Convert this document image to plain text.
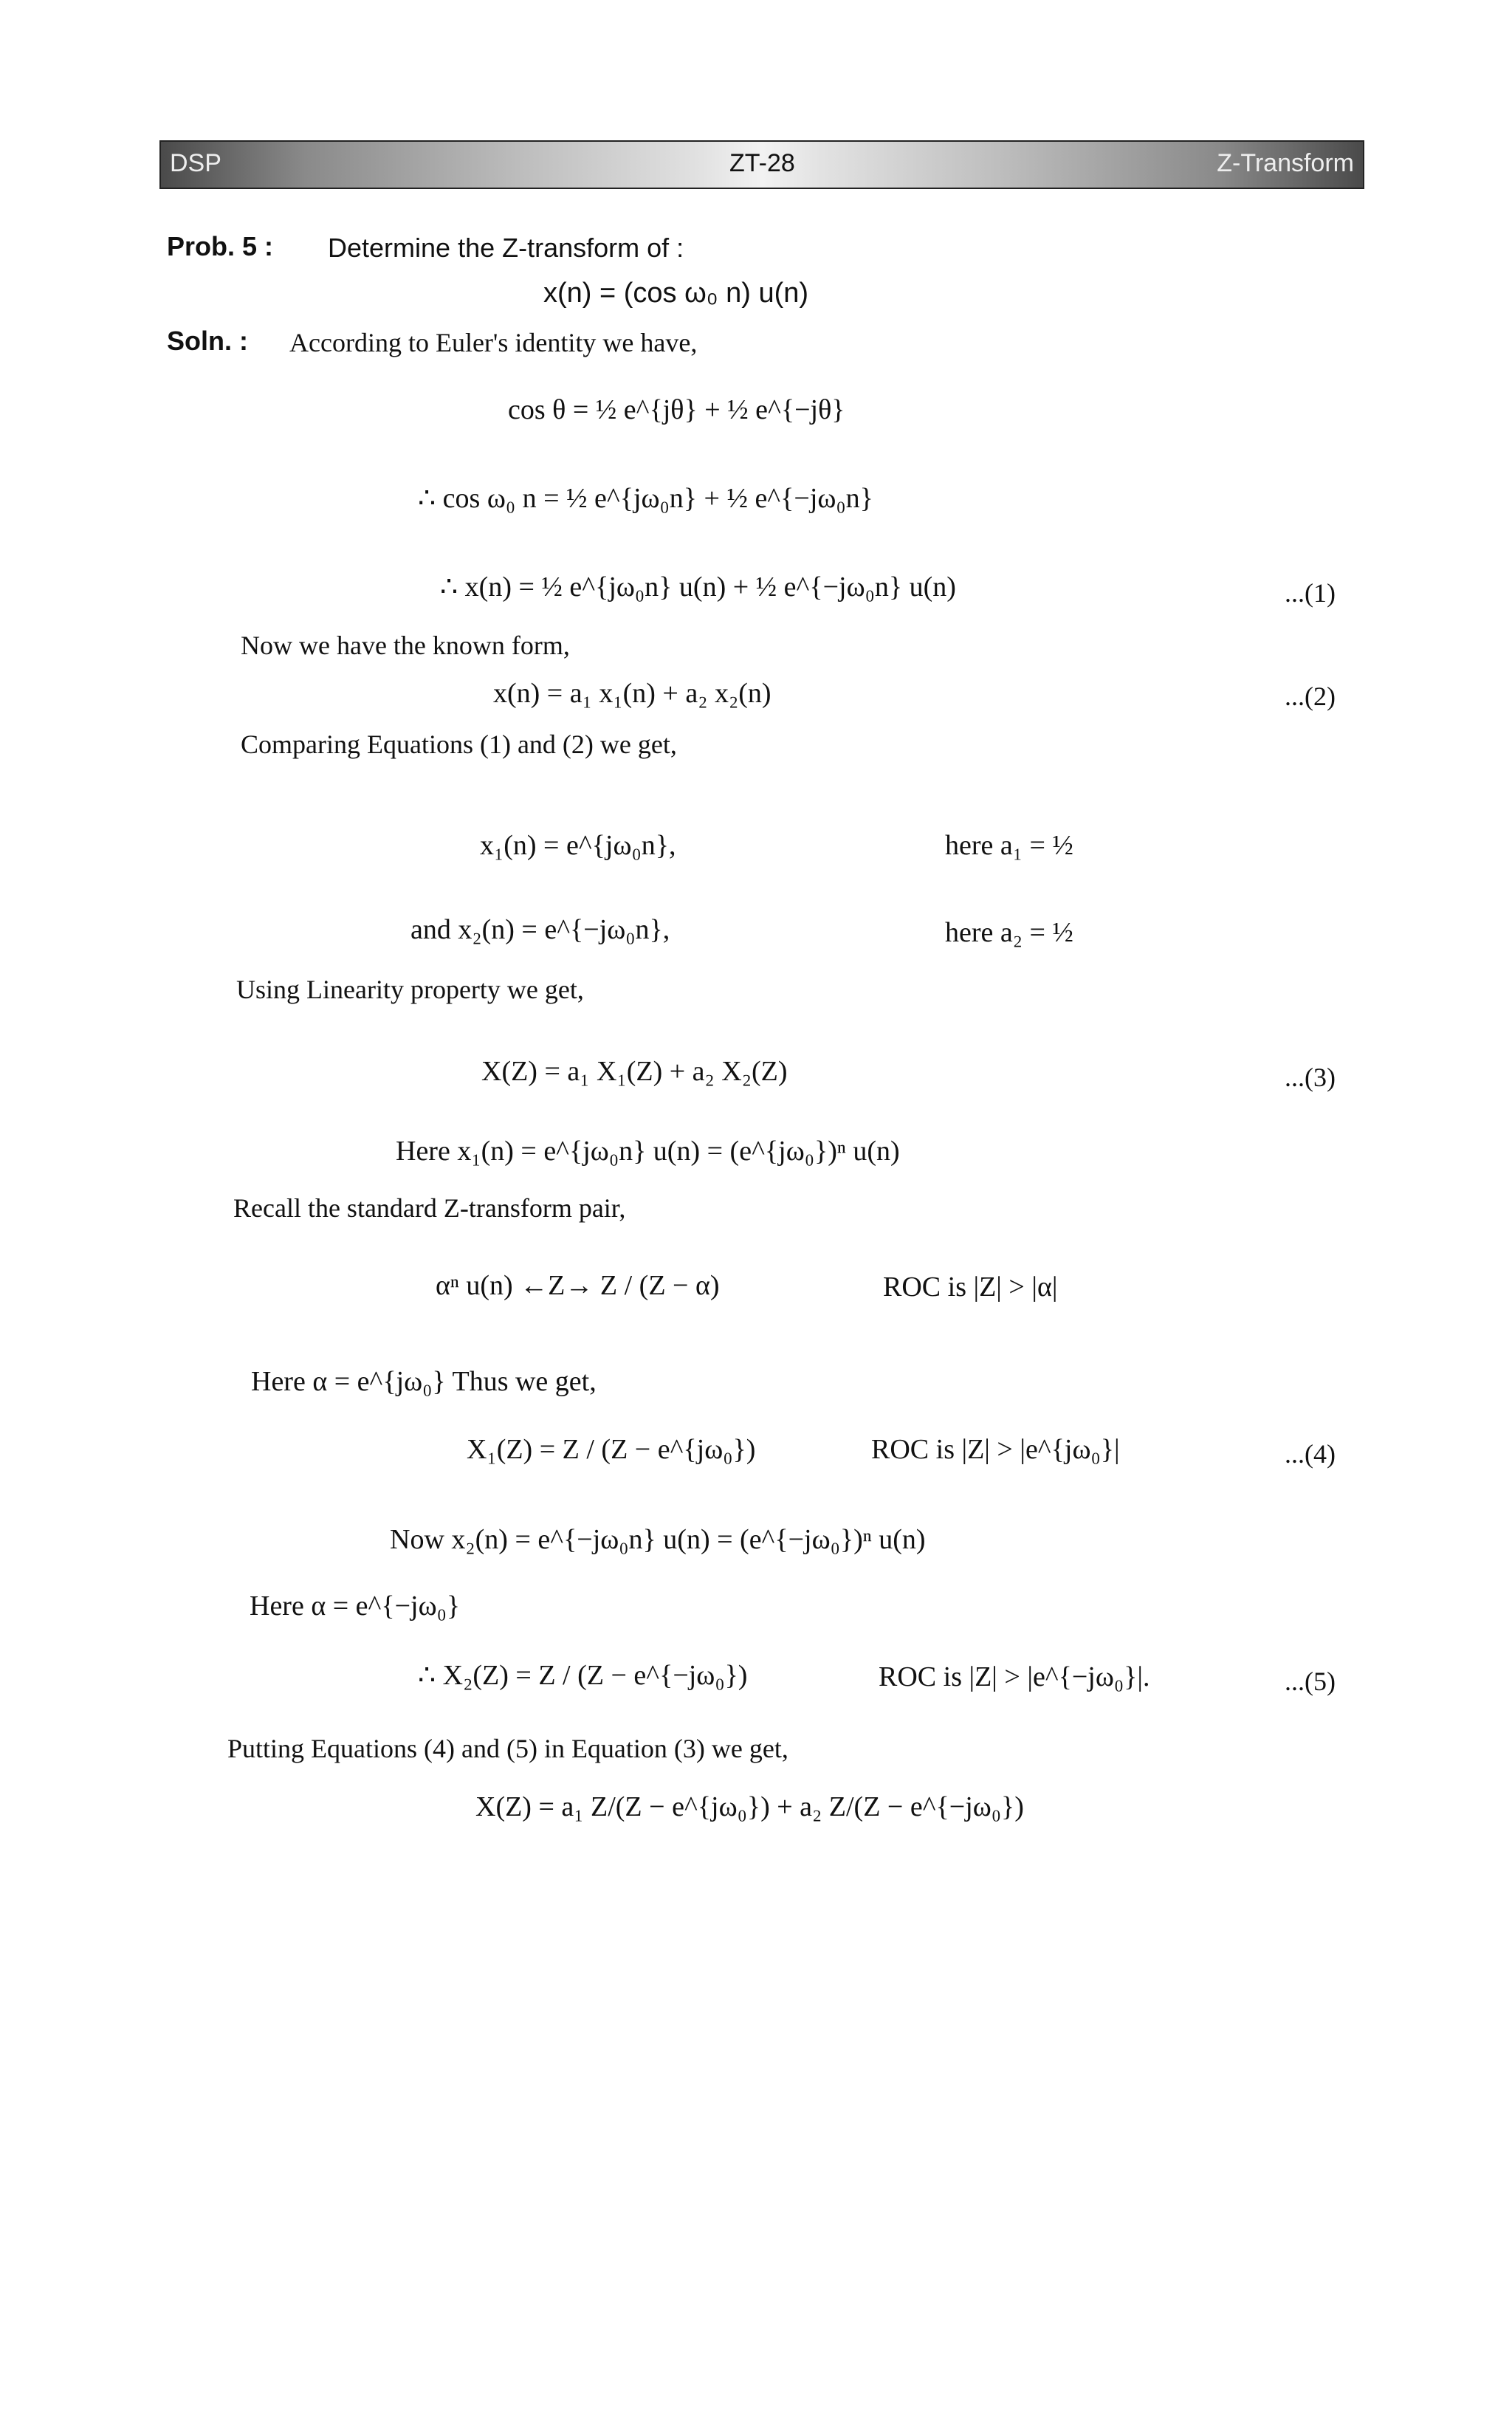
DSP	ZT-28	Z-Transform
Prob. 5 : Determine the Z-transform of :
x(n) = (cos ω₀ n) u(n)
Soln. : According to Euler's identity we have,
cos θ = ½ e^{jθ} + ½ e^{−jθ}
∴ cos ω₀ n = ½ e^{jω₀n} + ½ e^{−jω₀n}
∴ x(n) = ½ e^{jω₀n} u(n) + ½ e^{−jω₀n} u(n)	...(1)
Now we have the known form,
x(n) = a₁ x₁(n) + a₂ x₂(n)	...(2)
Comparing Equations (1) and (2) we get,
x₁(n) = e^{jω₀n},	here a₁ = ½
and x₂(n) = e^{−jω₀n},	here a₂ = ½
Using Linearity property we get,
X(Z) = a₁ X₁(Z) + a₂ X₂(Z)	...(3)
Here x₁(n) = e^{jω₀n} u(n) = (e^{jω₀})ⁿ u(n)
Recall the standard Z-transform pair,
αⁿ u(n) ←Z→ Z / (Z − α)	ROC is |Z| > |α|
Here α = e^{jω₀} Thus we get,
X₁(Z) = Z / (Z − e^{jω₀})	ROC is |Z| > |e^{jω₀}|	...(4)
Now x₂(n) = e^{−jω₀n} u(n) = (e^{−jω₀})ⁿ u(n)
Here α = e^{−jω₀}
∴ X₂(Z) = Z / (Z − e^{−jω₀})	ROC is |Z| > |e^{−jω₀}|.	...(5)
Putting Equations (4) and (5) in Equation (3) we get,
X(Z) = a₁ Z/(Z − e^{jω₀}) + a₂ Z/(Z − e^{−jω₀})
